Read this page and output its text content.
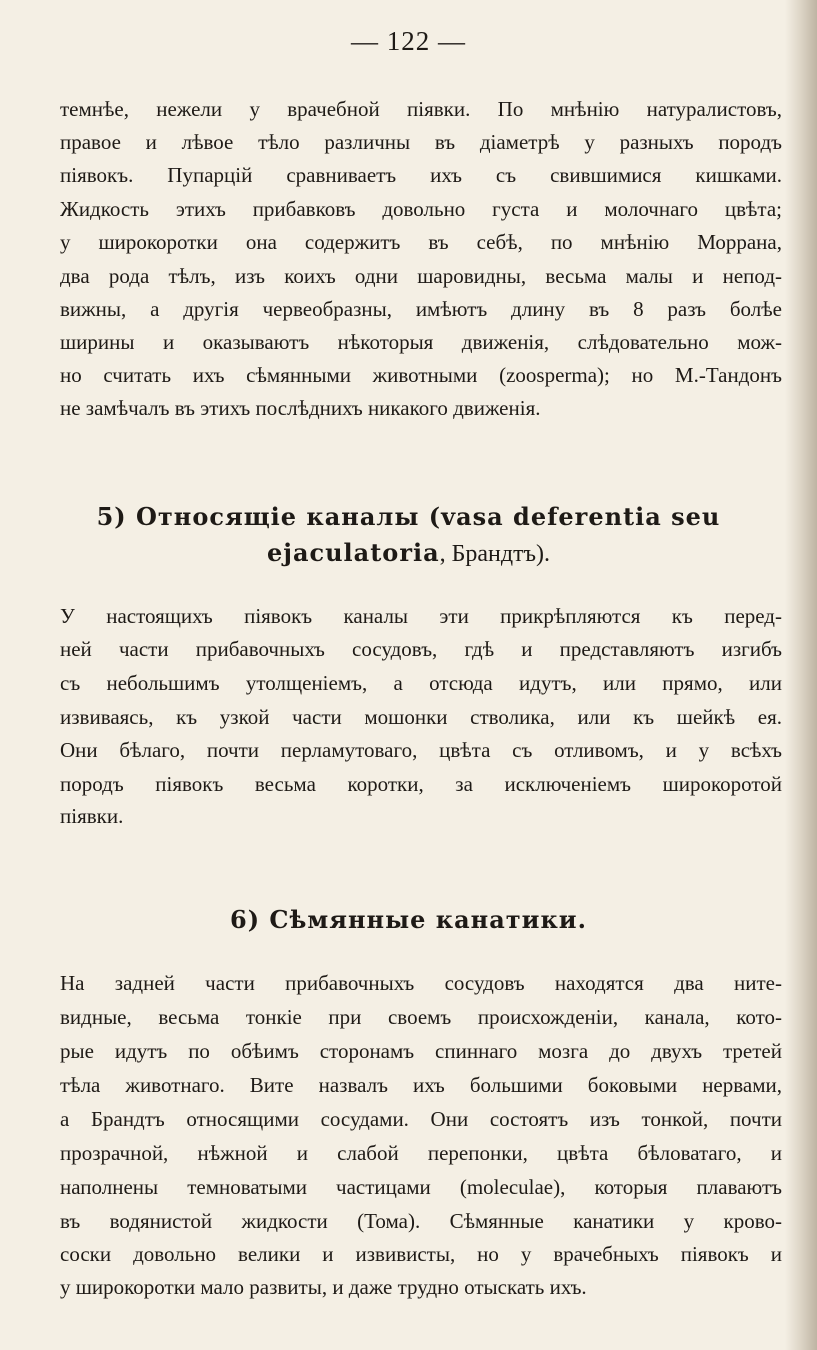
— 122 —
темнѣе, нежели у врачебной піявки. По мнѣнію натуралистовъ,
правое и лѣвое тѣло различны въ діаметрѣ у разныхъ породъ
піявокъ. Пупарцій сравниваетъ ихъ съ свившимися кишками.
Жидкость этихъ прибавковъ довольно густа и молочнаго цвѣта;
у широкоротки она содержитъ въ себѣ, по мнѣнію Моррана,
два рода тѣлъ, изъ коихъ одни шаровидны, весьма малы и непод-
вижны, а другія червеобразны, имѣютъ длину въ 8 разъ болѣе
ширины и оказываютъ нѣкоторыя движенія, слѣдовательно мож-
но считать ихъ сѣмянными животными (zoosperma); но М.-Тандонъ
не замѣчалъ въ этихъ послѣднихъ никакого движенія.
5) Относящіе каналы (vasa deferentia seu
ejaculatoria, Брандтъ).
У настоящихъ піявокъ каналы эти прикрѣпляются къ перед-
ней части прибавочныхъ сосудовъ, гдѣ и представляютъ изгибъ
съ небольшимъ утолщеніемъ, а отсюда идутъ, или прямо, или
извиваясь, къ узкой части мошонки стволика, или къ шейкѣ ея.
Они бѣлаго, почти перламутоваго, цвѣта съ отливомъ, и у всѣхъ
породъ піявокъ весьма коротки, за исключеніемъ широкоротой
піявки.
6) Сѣмянные канатики.
На задней части прибавочныхъ сосудовъ находятся два ните-
видные, весьма тонкіе при своемъ происхожденіи, канала, кото-
рые идутъ по обѣимъ сторонамъ спиннаго мозга до двухъ третей
тѣла животнаго. Вите назвалъ ихъ большими боковыми нервами,
а Брандтъ относящими сосудами. Они состоятъ изъ тонкой, почти
прозрачной, нѣжной и слабой перепонки, цвѣта бѣловатаго, и
наполнены темноватыми частицами (moleculae), которыя плаваютъ
въ водянистой жидкости (Тома). Сѣмянные канатики у крово-
соски довольно велики и извивисты, но у врачебныхъ піявокъ и
у широкоротки мало развиты, и даже трудно отыскать ихъ.
